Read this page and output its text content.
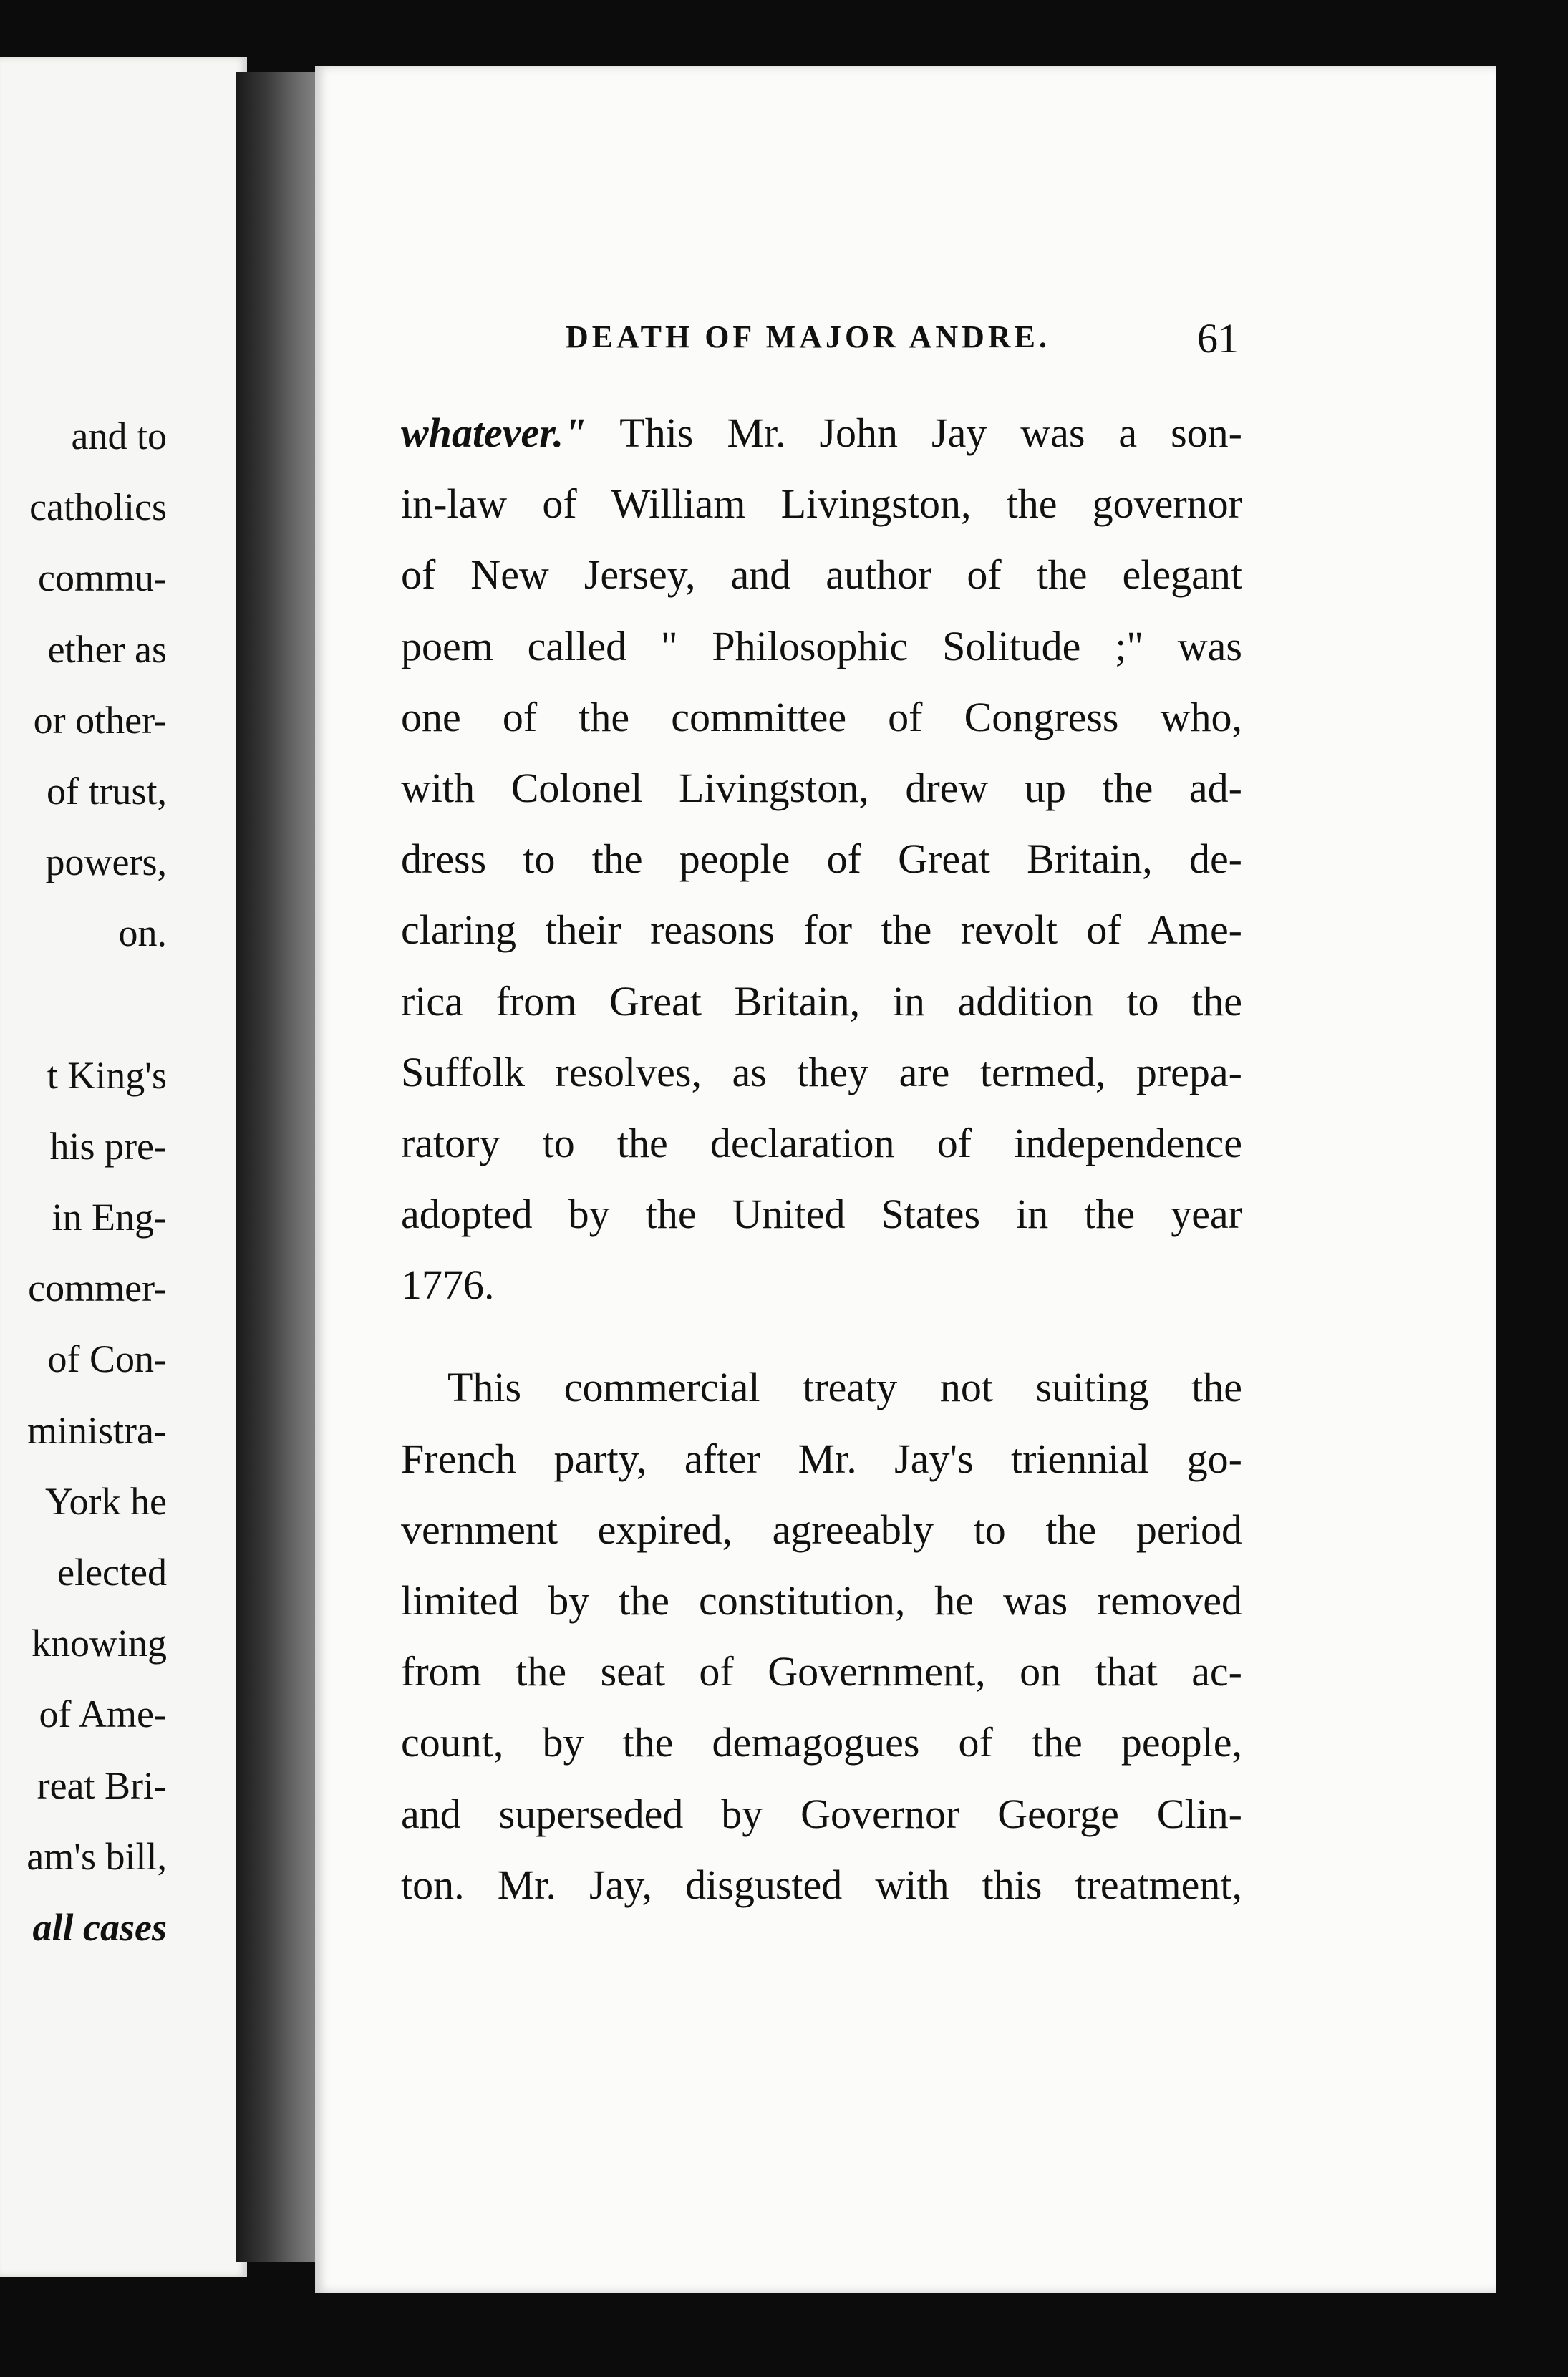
and to
catholics
commu-
ether as
or other-
of trust,
powers,
on.
t King's
his pre-
in Eng-
commer-
of Con-
ministra-
York he
elected
knowing
of Ame-
reat Bri-
am's bill,
all cases
DEATH OF MAJOR ANDRE.	61
whatever." This Mr. John Jay was a son-
in-law of William Livingston, the governor
of New Jersey, and author of the elegant
poem called " Philosophic Solitude ;" was
one of the committee of Congress who,
with Colonel Livingston, drew up the ad-
dress to the people of Great Britain, de-
claring their reasons for the revolt of Ame-
rica from Great Britain, in addition to the
Suffolk resolves, as they are termed, prepa-
ratory to the declaration of independence
adopted by the United States in the year
1776.
This commercial treaty not suiting the
French party, after Mr. Jay's triennial go-
vernment expired, agreeably to the period
limited by the constitution, he was removed
from the seat of Government, on that ac-
count, by the demagogues of the people,
and superseded by Governor George Clin-
ton. Mr. Jay, disgusted with this treatment,
